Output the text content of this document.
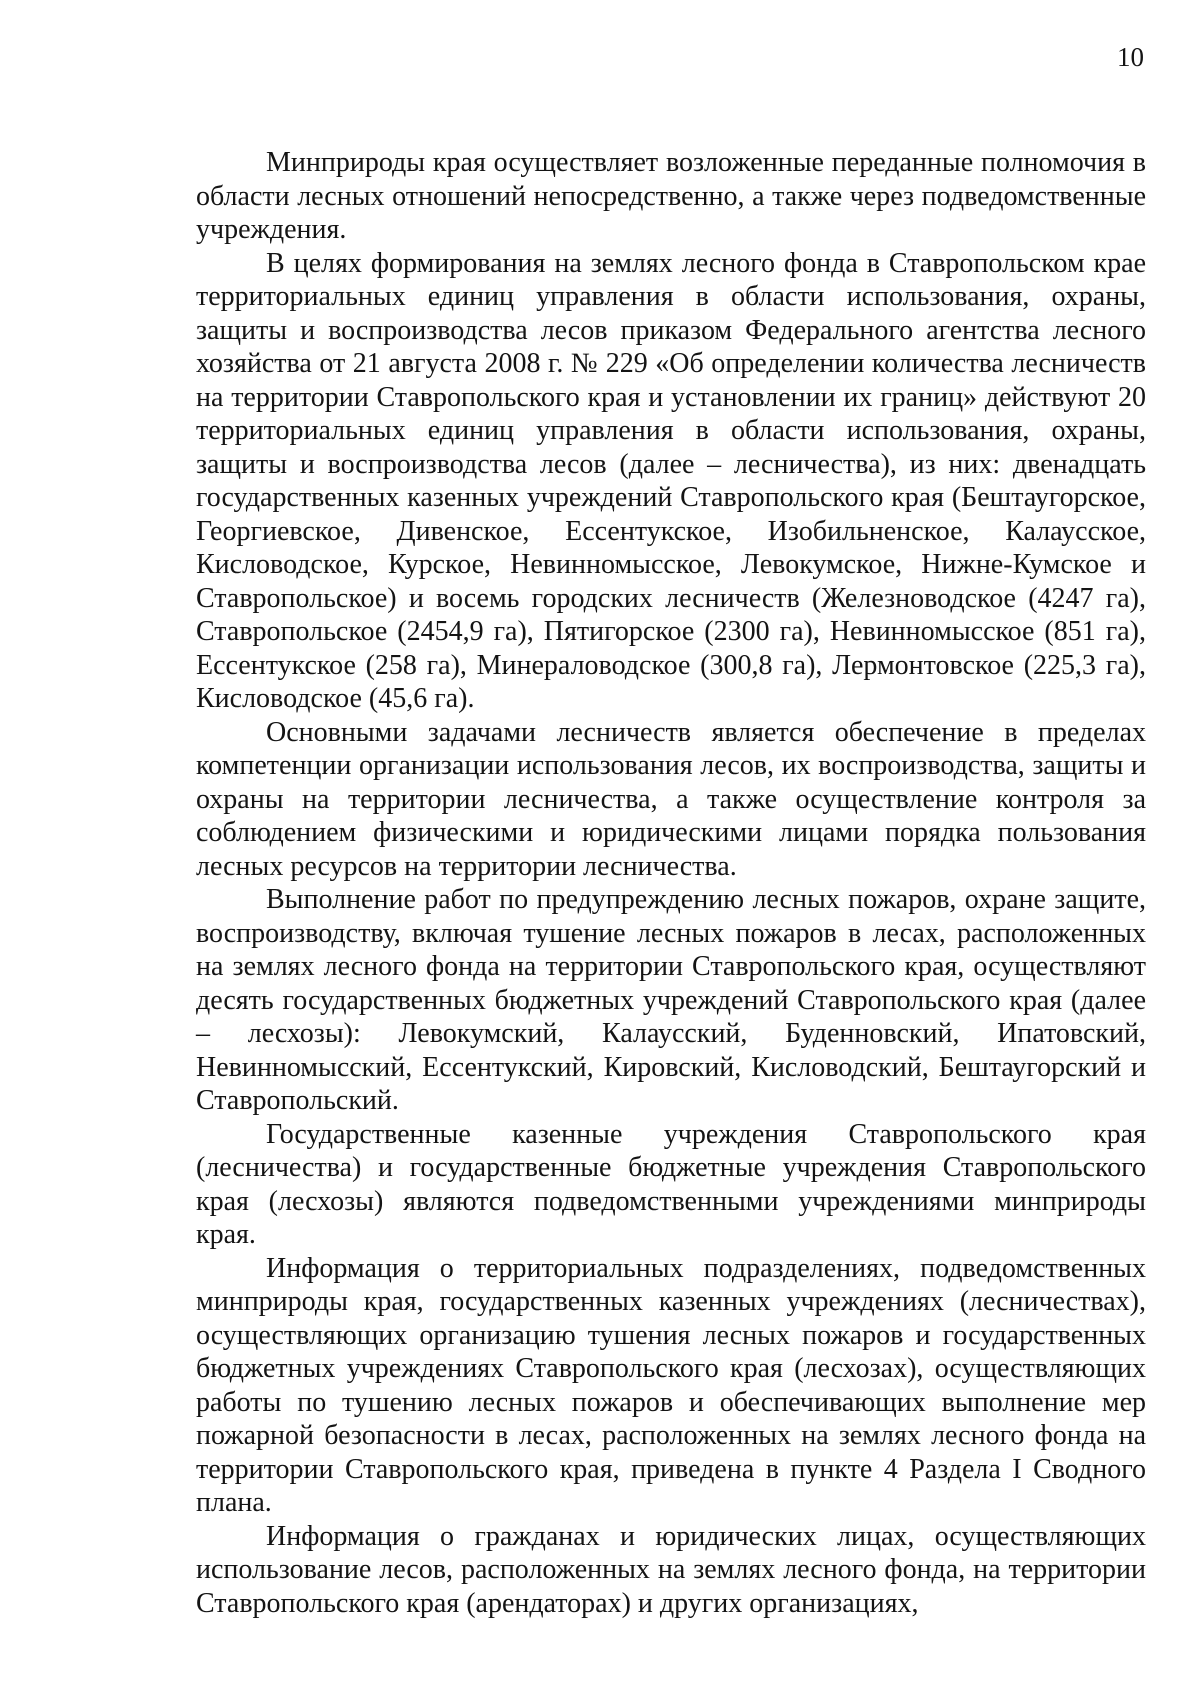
10

Минприроды края осуществляет возложенные переданные полномочия в области лесных отношений непосредственно, а также через подведомственные учреждения.

В целях формирования на землях лесного фонда в Ставропольском крае территориальных единиц управления в области использования, охраны, защиты и воспроизводства лесов приказом Федерального агентства лесного хозяйства от 21 августа 2008 г. № 229 «Об определении количества лесничеств на территории Ставропольского края и установлении их границ» действуют 20 территориальных единиц управления в области использования, охраны, защиты и воспроизводства лесов (далее – лесничества), из них: двенадцать государственных казенных учреждений Ставропольского края (Бештаугорское, Георгиевское, Дивенское, Ессентукское, Изобильненское, Калаусское, Кисловодское, Курское, Невинномысское, Левокумское, Нижне-Кумское и Ставропольское) и восемь городских лесничеств (Железноводское (4247 га), Ставропольское (2454,9 га), Пятигорское (2300 га), Невинномысское (851 га), Ессентукское (258 га), Минераловодское (300,8 га), Лермонтовское (225,3 га), Кисловодское (45,6 га).

Основными задачами лесничеств является обеспечение в пределах компетенции организации использования лесов, их воспроизводства, защиты и охраны на территории лесничества, а также осуществление контроля за соблюдением физическими и юридическими лицами порядка пользования лесных ресурсов на территории лесничества.

Выполнение работ по предупреждению лесных пожаров, охране защите, воспроизводству, включая тушение лесных пожаров в лесах, расположенных на землях лесного фонда на территории Ставропольского края, осуществляют десять государственных бюджетных учреждений Ставропольского края (далее – лесхозы): Левокумский, Калаусский, Буденновский, Ипатовский, Невинномысский, Ессентукский, Кировский, Кисловодский, Бештаугорский и Ставропольский.

Государственные казенные учреждения Ставропольского края (лесничества) и государственные бюджетные учреждения Ставропольского края (лесхозы) являются подведомственными учреждениями минприроды края.

Информация о территориальных подразделениях, подведомственных минприроды края, государственных казенных учреждениях (лесничествах), осуществляющих организацию тушения лесных пожаров и государственных бюджетных учреждениях Ставропольского края (лесхозах), осуществляющих работы по тушению лесных пожаров и обеспечивающих выполнение мер пожарной безопасности в лесах, расположенных на землях лесного фонда на территории Ставропольского края, приведена в пункте 4 Раздела I Сводного плана.

Информация о гражданах и юридических лицах, осуществляющих использование лесов, расположенных на землях лесного фонда, на территории Ставропольского края (арендаторах) и других организациях,
